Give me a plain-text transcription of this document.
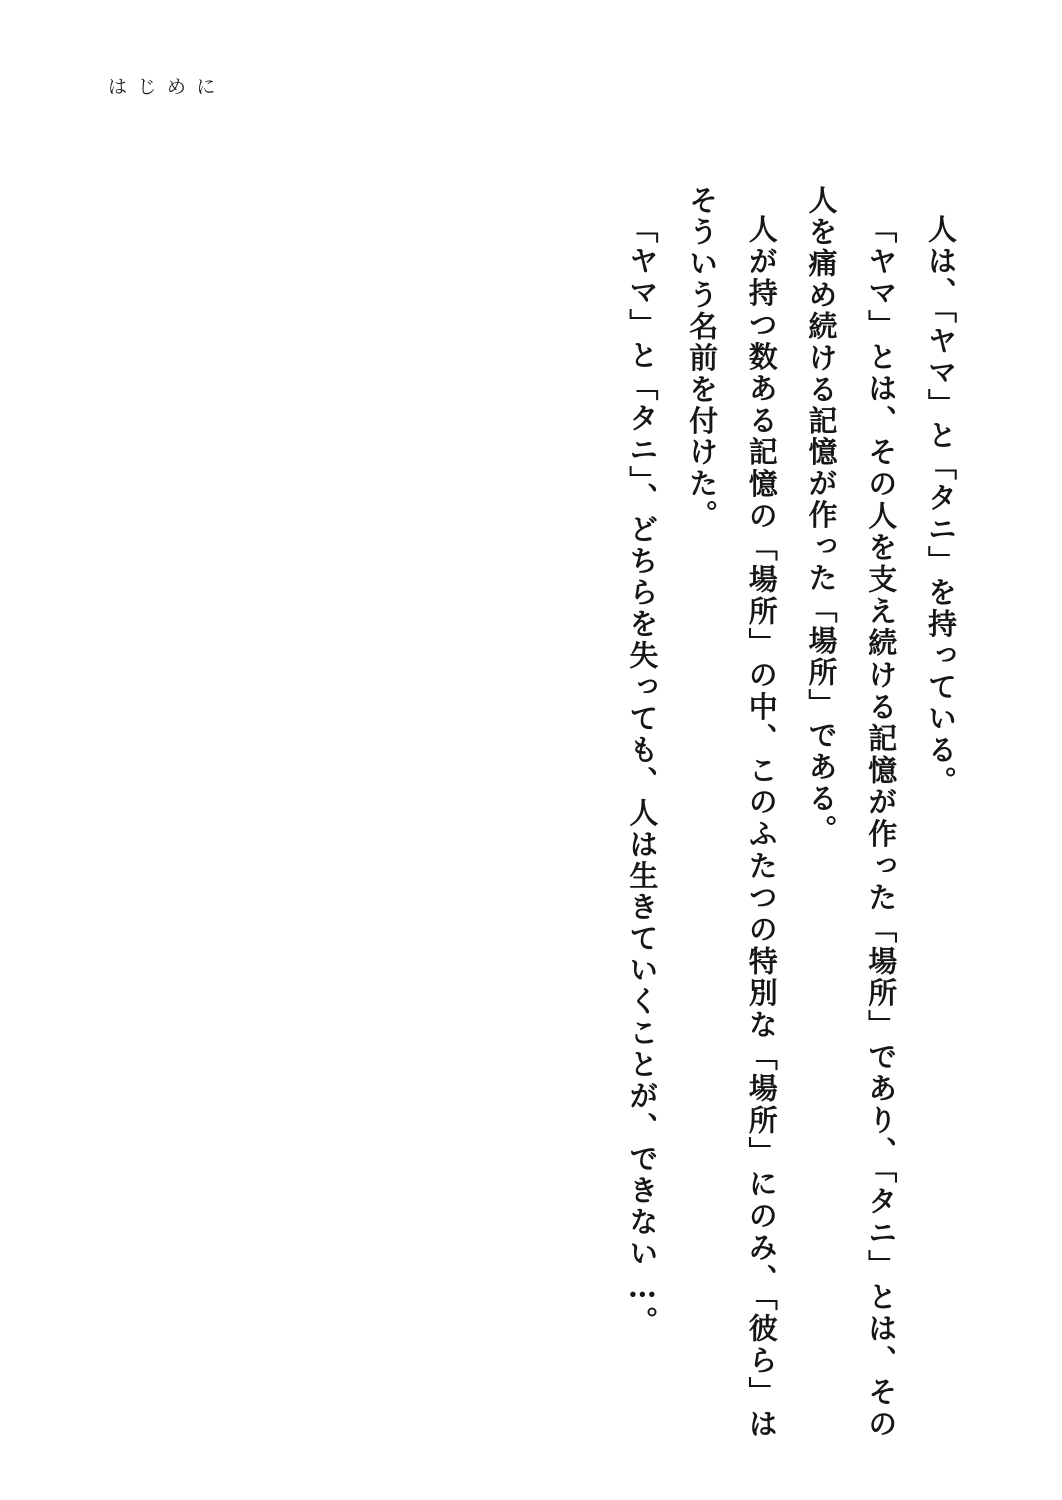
はじめに

人は、「ヤマ」と「タニ」を持っている。

「ヤマ」とは、その人を支え続ける記憶が作った「場所」であり、「タニ」とは、その人を痛め続ける記憶が作った「場所」である。

人が持つ数ある記憶の「場所」の中、このふたつの特別な「場所」にのみ、「彼ら」はそういう名前を付けた。

「ヤマ」と「タニ」、どちらを失っても、人は生きていくことが、できない…。
